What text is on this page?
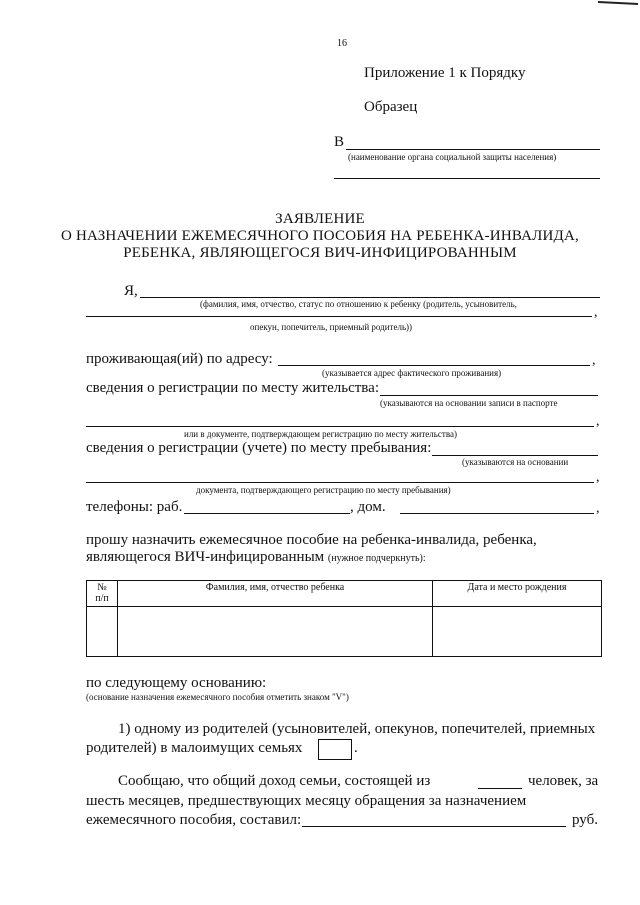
16
Приложение 1 к Порядку
Образец
В
(наименование органа социальной защиты населения)
ЗАЯВЛЕНИЕ
О НАЗНАЧЕНИИ ЕЖЕМЕСЯЧНОГО ПОСОБИЯ НА РЕБЕНКА-ИНВАЛИДА,
РЕБЕНКА, ЯВЛЯЮЩЕГОСЯ ВИЧ-ИНФИЦИРОВАННЫМ
Я,
(фамилия, имя, отчество, статус по отношению к ребенку (родитель, усыновитель,
,
опекун, попечитель, приемный родитель))
проживающая(ий) по адресу:	,
(указывается адрес фактического проживания)
сведения о регистрации по месту жительства:
(указываются на основании записи в паспорте
,
или в документе, подтверждающем регистрацию по месту жительства)
сведения о регистрации (учете) по месту пребывания:
(указываются на основании
,
документа, подтверждающего регистрацию по месту пребывания)
телефоны: раб.	, дом.	,
прошу назначить ежемесячное пособие на ребенка-инвалида, ребенка,
являющегося ВИЧ-инфицированным (нужное подчеркнуть):
№
п/п	Фамилия, имя, отчество ребенка	Дата и место рождения

по следующему основанию:
(основание назначения ежемесячного пособия отметить знаком "V")
1) одному из родителей (усыновителей, опекунов, попечителей, приемных
родителей) в малоимущих семьях	.
Сообщаю, что общий доход семьи, состоящей из	человек, за
шесть месяцев, предшествующих месяцу обращения за назначением
ежемесячного пособия, составил:	руб.
